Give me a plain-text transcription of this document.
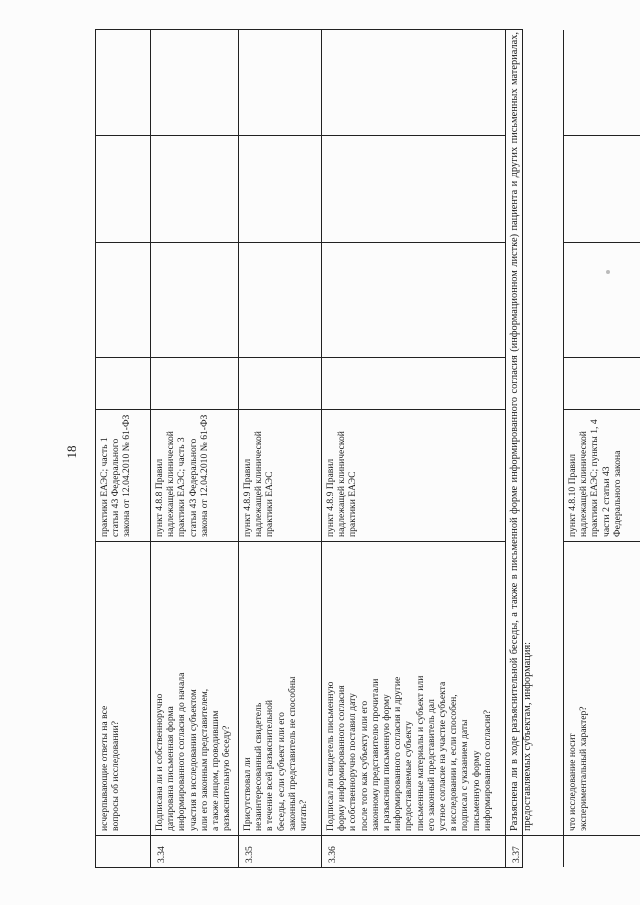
18
исчерпывающие ответы на все вопросы об исследовании?
практики ЕАЭС; часть 1 статьи 43 Федерального закона от 12.04.2010 № 61-ФЗ
3.34
Подписана ли и собственноручно датирована письменная форма информированного согласия до начала участия в исследовании субъектом или его законным представителем, а также лицом, проводившим разъяснительную беседу?
пункт 4.8.8 Правил надлежащей клинической практики ЕАЭС; часть 3 статьи 43 Федерального закона от 12.04.2010 № 61-ФЗ
3.35
Присутствовал ли незаинтересованный свидетель в течение всей разъяснительной беседы, если субъект или его законный представитель не способны читать?
пункт 4.8.9 Правил надлежащей клинической практики ЕАЭС
3.36
Подписал ли свидетель письменную форму информированного согласия и собственноручно поставил дату после того как субъекту или его законному представителю прочитали и разъяснили письменную форму информированного согласия и другие предоставляемые субъекту письменные материалы и субъект или его законный представитель дал устное согласие на участие субъекта в исследовании и, если способен, подписал с указанием даты письменную форму информированного согласия?
пункт 4.8.9 Правил надлежащей клинической практики ЕАЭС
3.37
Разъяснена ли в ходе разъяснительной беседы, а также в письменной форме информированного согласия (информационном листке) пациента и других письменных материалах, предоставляемых субъектам, информация:	что исследование носит экспериментальный характер?
пункт 4.8.10 Правил надлежащей клинической практики ЕАЭС; пункты 1, 4 части 2 статьи 43 Федерального закона
